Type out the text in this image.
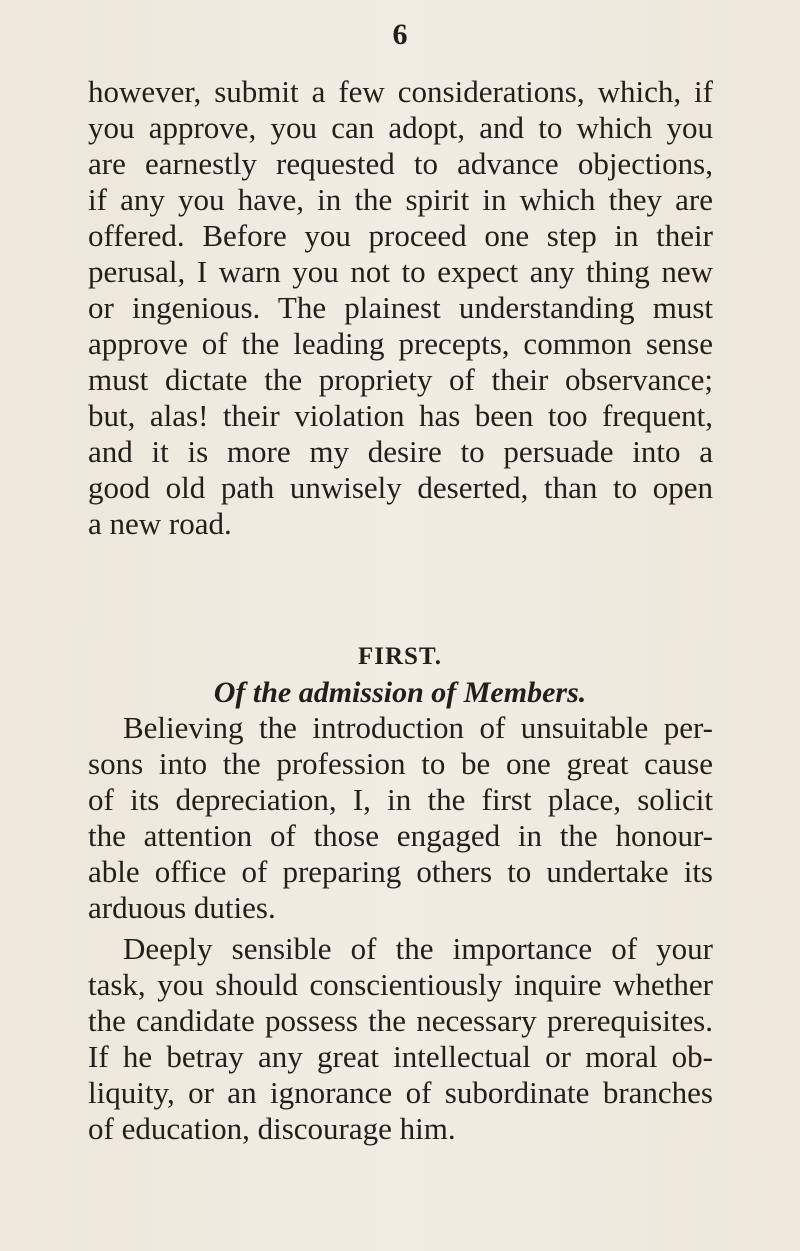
6
however, submit a few considerations, which, if
you approve, you can adopt, and to which you
are earnestly requested to advance objections,
if any you have, in the spirit in which they are
offered. Before you proceed one step in their
perusal, I warn you not to expect any thing new
or ingenious. The plainest understanding must
approve of the leading precepts, common sense
must dictate the propriety of their observance;
but, alas! their violation has been too frequent,
and it is more my desire to persuade into a
good old path unwisely deserted, than to open
a new road.
FIRST.
Of the admission of Members.
Believing the introduction of unsuitable per-
sons into the profession to be one great cause
of its depreciation, I, in the first place, solicit
the attention of those engaged in the honour-
able office of preparing others to undertake its
arduous duties.
Deeply sensible of the importance of your
task, you should conscientiously inquire whether
the candidate possess the necessary prerequisites.
If he betray any great intellectual or moral ob-
liquity, or an ignorance of subordinate branches
of education, discourage him.
